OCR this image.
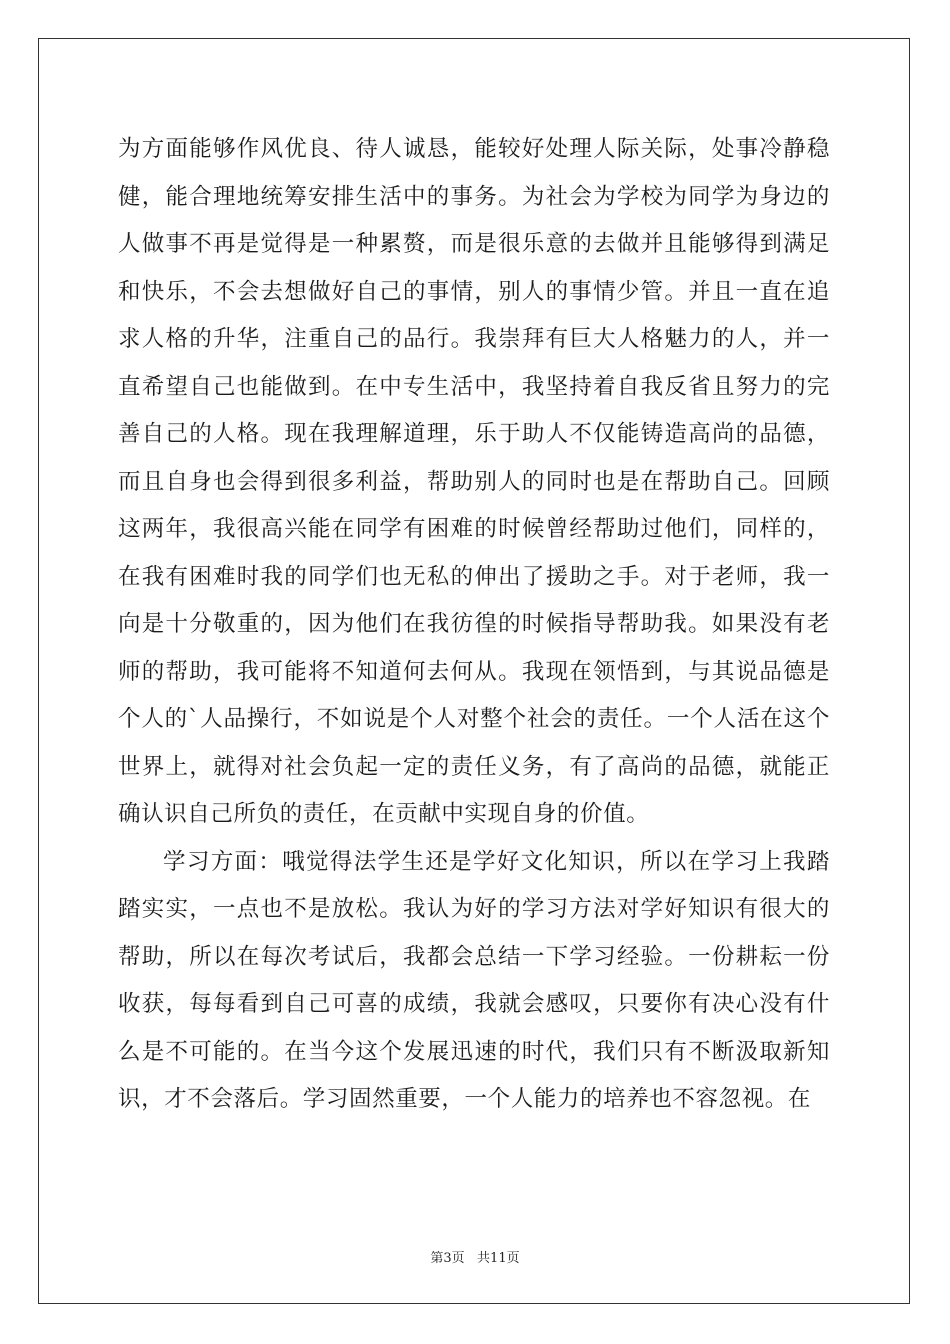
为方面能够作风优良、待人诚恳，能较好处理人际关际，处事冷静稳健，能合理地统筹安排生活中的事务。为社会为学校为同学为身边的人做事不再是觉得是一种累赘，而是很乐意的去做并且能够得到满足和快乐，不会去想做好自己的事情，别人的事情少管。并且一直在追求人格的升华，注重自己的品行。我崇拜有巨大人格魅力的人，并一直希望自己也能做到。在中专生活中，我坚持着自我反省且努力的完善自己的人格。现在我理解道理，乐于助人不仅能铸造高尚的品德，而且自身也会得到很多利益，帮助别人的同时也是在帮助自己。回顾这两年，我很高兴能在同学有困难的时候曾经帮助过他们，同样的，在我有困难时我的同学们也无私的伸出了援助之手。对于老师，我一向是十分敬重的，因为他们在我彷徨的时候指导帮助我。如果没有老师的帮助，我可能将不知道何去何从。我现在领悟到，与其说品德是个人的`人品操行，不如说是个人对整个社会的责任。一个人活在这个世界上，就得对社会负起一定的责任义务，有了高尚的品德，就能正确认识自己所负的责任，在贡献中实现自身的价值。

学习方面：哦觉得法学生还是学好文化知识，所以在学习上我踏踏实实，一点也不是放松。我认为好的学习方法对学好知识有很大的帮助，所以在每次考试后，我都会总结一下学习经验。一份耕耘一份收获，每每看到自己可喜的成绩，我就会感叹，只要你有决心没有什么是不可能的。在当今这个发展迅速的时代，我们只有不断汲取新知识，才不会落后。学习固然重要，一个人能力的培养也不容忽视。在

第3页   共11页
